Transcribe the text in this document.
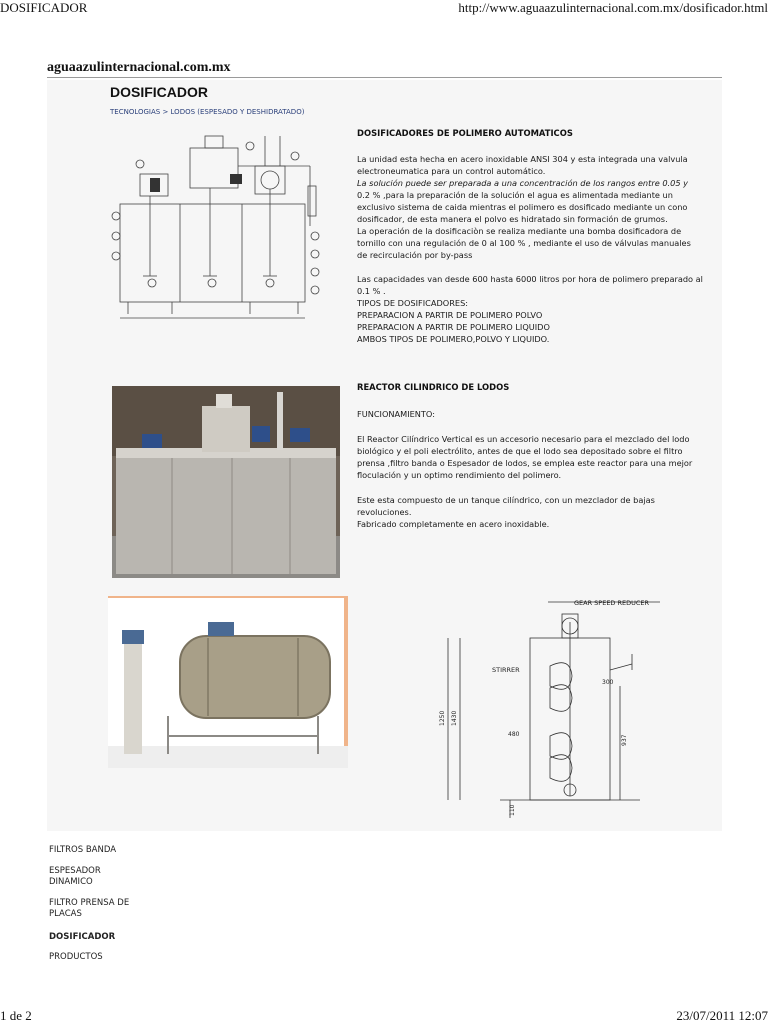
DOSIFICADOR	http://www.aguaazulinternacional.com.mx/dosificador.html
aguaazulinternacional.com.mx
DOSIFICADOR
TECNOLOGIAS > LODOS (ESPESADO Y DESHIDRATADO)
DOSIFICADORES DE POLIMERO AUTOMATICOS
La unidad esta hecha en acero inoxidable ANSI 304 y esta integrada una valvula
electroneumatica para un control automático.
La solución puede ser preparada a una concentración de los rangos entre 0.05 y
0.2 % ,para la preparación de la solución el agua es alimentada mediante un
exclusivo sistema de caida mientras el polimero es dosificado mediante un cono
dosificador, de esta manera el polvo es hidratado sin formación de grumos.
La operación de la dosificaciòn se realiza mediante una bomba dosificadora de
tornillo con una regulación de 0 al 100 % , mediante el uso de válvulas manuales
de recirculación por by-pass
Las capacidades van desde 600 hasta 6000 litros por hora de polimero preparado al
0.1 % .
TIPOS DE DOSIFICADORES:
PREPARACION A PARTIR DE POLIMERO POLVO
PREPARACION A PARTIR DE POLIMERO LIQUIDO
AMBOS TIPOS DE POLIMERO,POLVO Y LIQUIDO.
REACTOR CILINDRICO DE LODOS
FUNCIONAMIENTO:
El Reactor Cilíndrico Vertical es un accesorio necesario para el mezclado del lodo
biológico y el poli electrólito, antes de que el lodo sea depositado sobre el filtro
prensa ,filtro banda o Espesador de lodos, se emplea este reactor para una mejor
floculación y un optimo rendimiento del polimero.
Este esta compuesto de un tanque cilíndrico, con un mezclador de bajas
revoluciones.
Fabricado completamente en acero inoxidable.
GEAR SPEED REDUCER
STIRRER
300
1250 1430
480
937
110
FILTROS BANDA
ESPESADOR DINAMICO
FILTRO PRENSA DE PLACAS
DOSIFICADOR
PRODUCTOS
1 de 2	23/07/2011 12:07
